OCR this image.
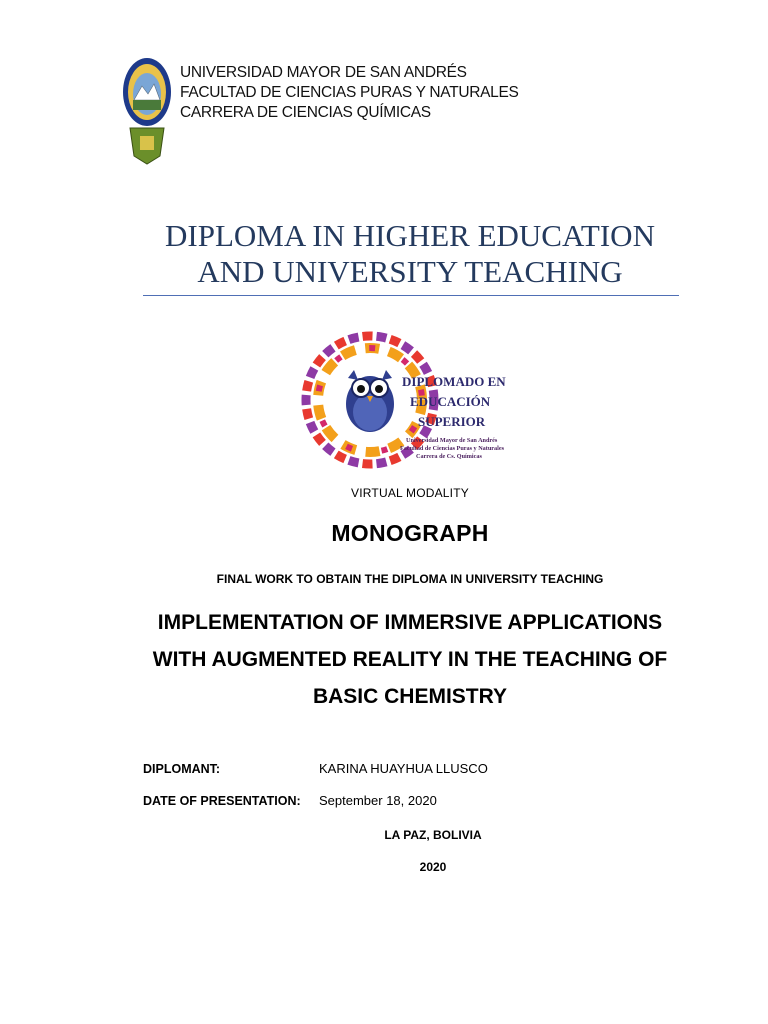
UNIVERSIDAD MAYOR DE SAN ANDRÉS
FACULTAD DE CIENCIAS PURAS Y NATURALES
CARRERA DE CIENCIAS QUÍMICAS
DIPLOMA IN HIGHER EDUCATION
AND UNIVERSITY TEACHING
DIPLOMADO EN
EDUCACIÓN
SUPERIOR
Universidad Mayor de San Andrés
Facultad de Ciencias Puras y Naturales
Carrera de Cs. Químicas
VIRTUAL MODALITY
MONOGRAPH
FINAL WORK TO OBTAIN THE DIPLOMA IN UNIVERSITY TEACHING
IMPLEMENTATION OF IMMERSIVE APPLICATIONS
WITH AUGMENTED REALITY IN THE TEACHING OF
BASIC CHEMISTRY
DIPLOMANT:	KARINA HUAYHUA LLUSCO
DATE OF PRESENTATION: September 18, 2020
LA PAZ, BOLIVIA
2020
